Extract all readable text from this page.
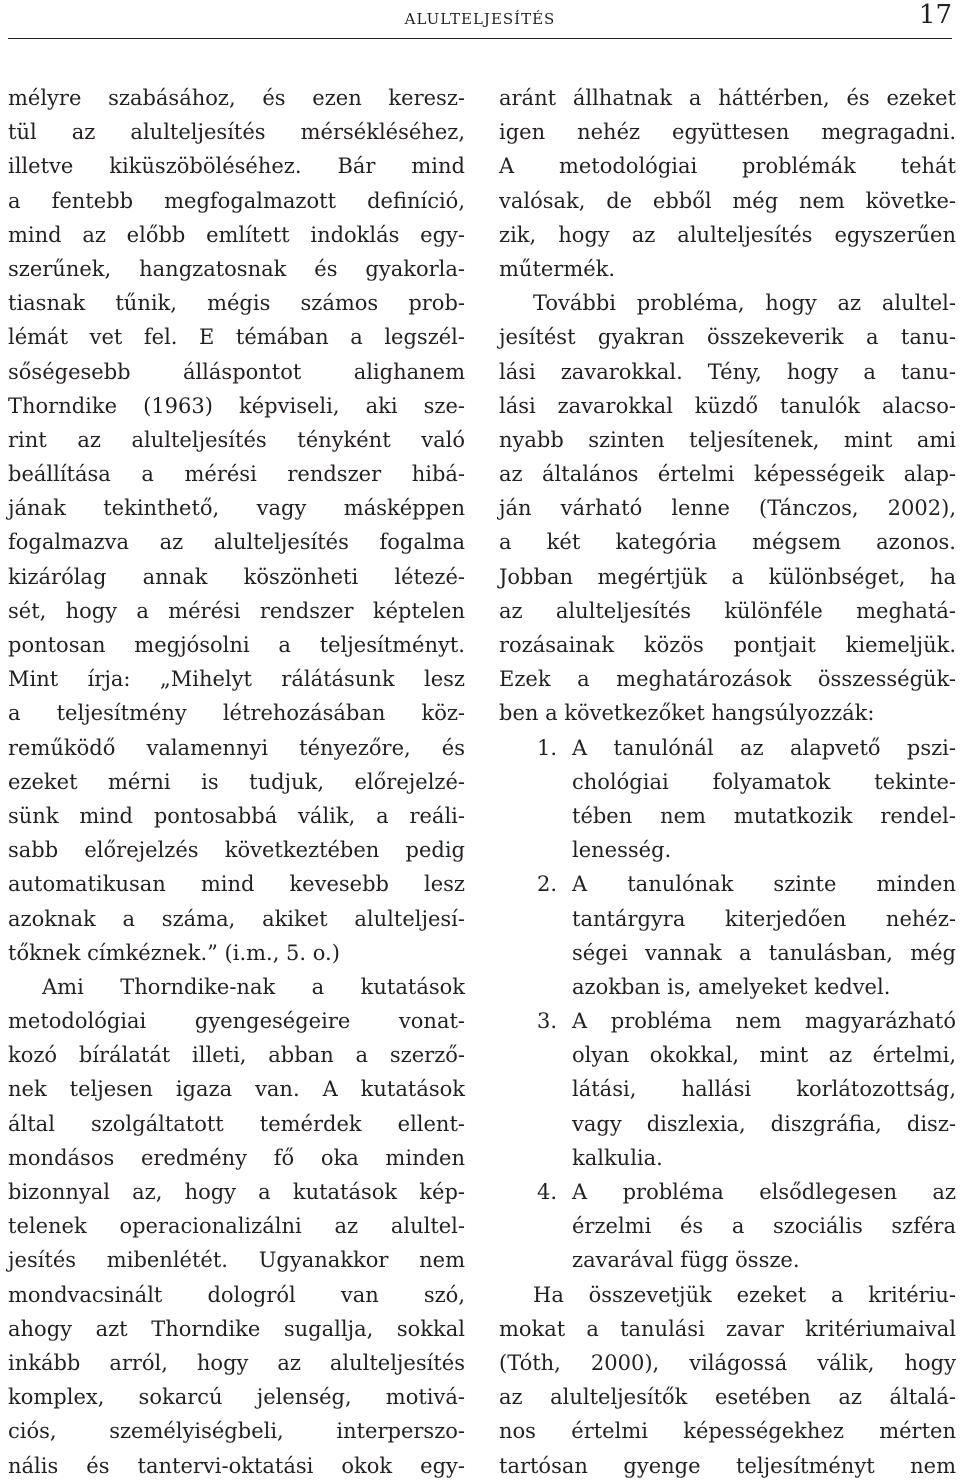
ALULTELJESÍTÉS	17
mélyre szabásához, és ezen keresz-
tül az alulteljesítés mérsékléséhez,
illetve kiküszöböléséhez. Bár mind
a fentebb megfogalmazott definíció,
mind az előbb említett indoklás egy-
szerűnek, hangzatosnak és gyakorla-
tiasnak tűnik, mégis számos prob-
lémát vet fel. E témában a legszél-
sőségesebb álláspontot alighanem
Thorndike (1963) képviseli, aki sze-
rint az alulteljesítés tényként való
beállítása a mérési rendszer hibá-
jának tekinthető, vagy másképpen
fogalmazva az alulteljesítés fogalma
kizárólag annak köszönheti létezé-
sét, hogy a mérési rendszer képtelen
pontosan megjósolni a teljesítményt.
Mint írja: „Mihelyt rálátásunk lesz
a teljesítmény létrehozásában köz-
reműködő valamennyi tényezőre, és
ezeket mérni is tudjuk, előrejelzé-
sünk mind pontosabbá válik, a reáli-
sabb előrejelzés következtében pedig
automatikusan mind kevesebb lesz
azoknak a száma, akiket alulteljesí-
tőknek címkéznek.” (i.m., 5. o.)
Ami Thorndike-nak a kutatások
metodológiai gyengeségeire vonat-
kozó bírálatát illeti, abban a szerző-
nek teljesen igaza van. A kutatások
által szolgáltatott temérdek ellent-
mondásos eredmény fő oka minden
bizonnyal az, hogy a kutatások kép-
telenek operacionalizálni az alultel-
jesítés mibenlétét. Ugyanakkor nem
mondvacsinált dologról van szó,
ahogy azt Thorndike sugallja, sokkal
inkább arról, hogy az alulteljesítés
komplex, sokarcú jelenség, motivá-
ciós, személyiségbeli, interperszo-
nális és tantervi-oktatási okok egy-
aránt állhatnak a háttérben, és ezeket
igen nehéz együttesen megragadni.
A metodológiai problémák tehát
valósak, de ebből még nem követke-
zik, hogy az alulteljesítés egyszerűen
műtermék.
További probléma, hogy az alultel-
jesítést gyakran összekeverik a tanu-
lási zavarokkal. Tény, hogy a tanu-
lási zavarokkal küzdő tanulók alacso-
nyabb szinten teljesítenek, mint ami
az általános értelmi képességeik alap-
ján várható lenne (Tánczos, 2002),
a két kategória mégsem azonos.
Jobban megértjük a különbséget, ha
az alulteljesítés különféle meghatá-
rozásainak közös pontjait kiemeljük.
Ezek a meghatározások összességük-
ben a következőket hangsúlyozzák:
1. A tanulónál az alapvető pszi-
chológiai folyamatok tekinte-
tében nem mutatkozik rendel-
lenesség.
2. A tanulónak szinte minden
tantárgyra kiterjedően nehéz-
ségei vannak a tanulásban, még
azokban is, amelyeket kedvel.
3. A probléma nem magyarázható
olyan okokkal, mint az értelmi,
látási, hallási korlátozottság,
vagy diszlexia, diszgráfia, disz-
kalkulia.
4. A probléma elsődlegesen az
érzelmi és a szociális szféra
zavarával függ össze.
Ha összevetjük ezeket a kritériu-
mokat a tanulási zavar kritériumaival
(Tóth, 2000), világossá válik, hogy
az alulteljesítők esetében az általá-
nos értelmi képességekhez mérten
tartósan gyenge teljesítményt nem
